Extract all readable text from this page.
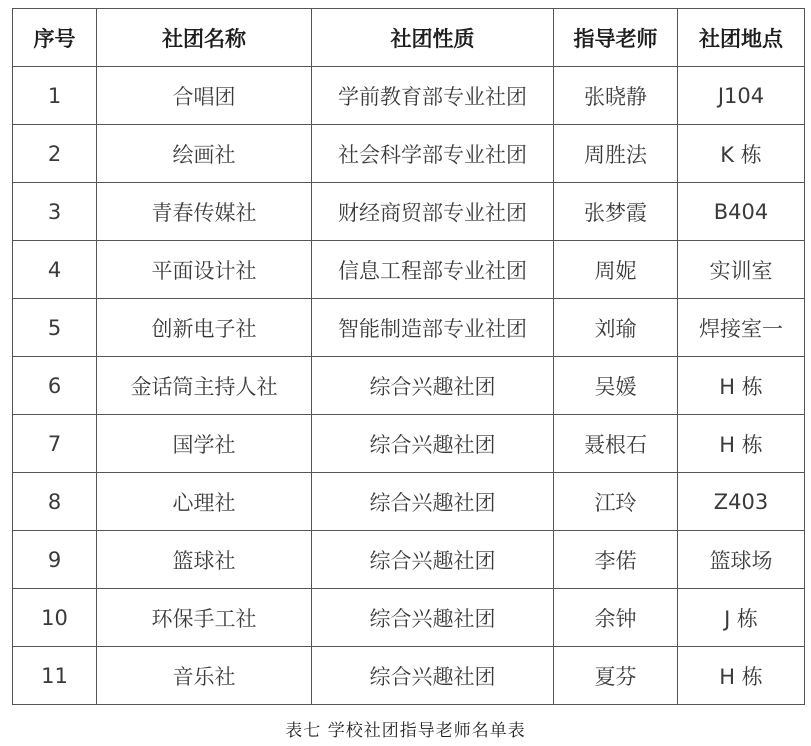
序号	社团名称	社团性质	指导老师	社团地点
1	合唱团	学前教育部专业社团	张晓静	J104
2	绘画社	社会科学部专业社团	周胜法	K 栋
3	青春传媒社	财经商贸部专业社团	张梦霞	B404
4	平面设计社	信息工程部专业社团	周妮	实训室
5	创新电子社	智能制造部专业社团	刘瑜	焊接室一
6	金话筒主持人社	综合兴趣社团	吴媛	H 栋
7	国学社	综合兴趣社团	聂根石	H 栋
8	心理社	综合兴趣社团	江玲	Z403
9	篮球社	综合兴趣社团	李偌	篮球场
10	环保手工社	综合兴趣社团	余钟	J 栋
11	音乐社	综合兴趣社团	夏芬	H 栋
表七 学校社团指导老师名单表
